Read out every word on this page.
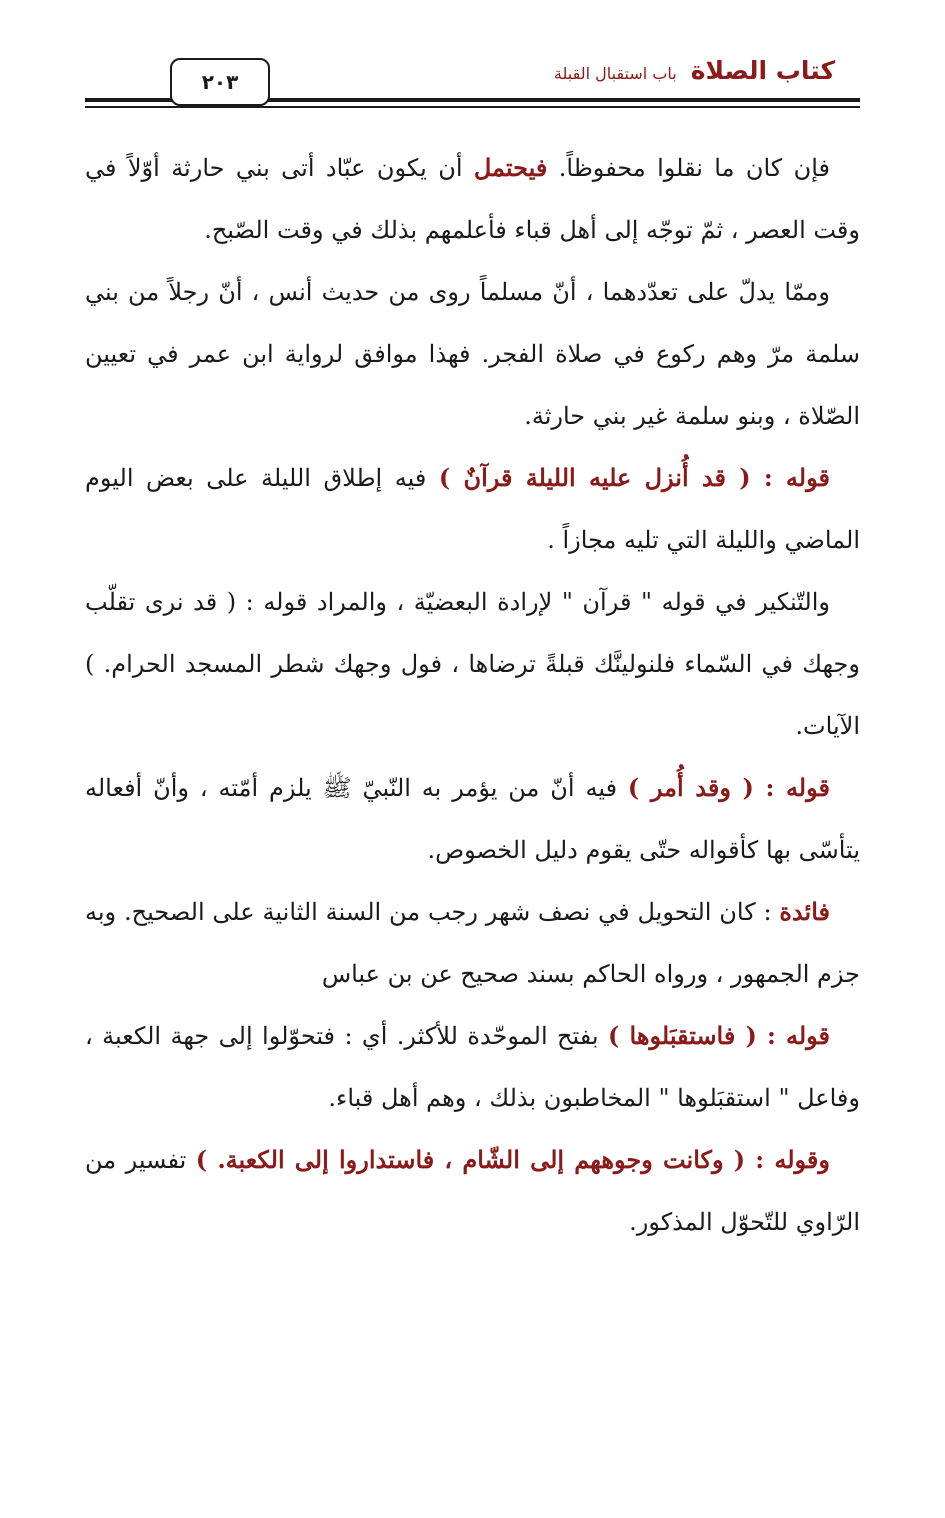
كتاب الصلاة
باب استقبال القبلة
٢٠٣

فإن كان ما نقلوا محفوظاً. فيحتمل أن يكون عبّاد أتى بني حارثة أوّلاً في وقت العصر ، ثمّ توجّه إلى أهل قباء فأعلمهم بذلك في وقت الصّبح.

وممّا يدلّ على تعدّدهما ، أنّ مسلماً روى من حديث أنس ، أنّ رجلاً من بني سلمة مرّ وهم ركوع في صلاة الفجر. فهذا موافق لرواية ابن عمر في تعيين الصّلاة ، وبنو سلمة غير بني حارثة.

قوله : ( قد أُنزل عليه الليلة قرآنٌ ) فيه إطلاق الليلة على بعض اليوم الماضي والليلة التي تليه مجازاً .

والتّنكير في قوله " قرآن " لإرادة البعضيّة ، والمراد قوله : ( قد نرى تقلّب وجهك في السّماء فلنولينَّك قبلةً ترضاها ، فول وجهك شطر المسجد الحرام. ) الآيات.

قوله : ( وقد أُمر ) فيه أنّ من يؤمر به النّبيّ ﷺ يلزم أمّته ، وأنّ أفعاله يتأسّى بها كأقواله حتّى يقوم دليل الخصوص.

فائدة : كان التحويل في نصف شهر رجب من السنة الثانية على الصحيح. وبه جزم الجمهور ، ورواه الحاكم بسند صحيح عن بن عباس

قوله : ( فاستقبَلوها ) بفتح الموحّدة للأكثر. أي : فتحوّلوا إلى جهة الكعبة ، وفاعل " استقبَلوها " المخاطبون بذلك ، وهم أهل قباء.

وقوله : ( وكانت وجوههم إلى الشّام ، فاستداروا إلى الكعبة. ) تفسير من الرّاوي للتّحوّل المذكور.
